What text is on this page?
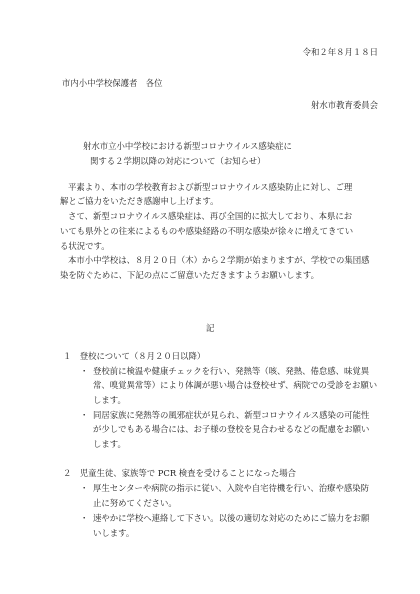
令和２年８月１８日
市内小中学校保護者　各位
射水市教育委員会
射水市立小中学校における新型コロナウイルス感染症に
関する２学期以降の対応について（お知らせ）
平素より、本市の学校教育および新型コロナウイルス感染防止に対し、ご理
解とご協力をいただき感謝申し上げます。
さて、新型コロナウイルス感染症は、再び全国的に拡大しており、本県にお
いても県外との往来によるものや感染経路の不明な感染が徐々に増えてきてい
る状況です。
本市小中学校は、８月２０日（木）から２学期が始まりますが、学校での集団感
染を防ぐために、下記の点にご留意いただきますようお願いします。
記
１　登校について（８月２０日以降）
・ 登校前に検温や健康チェックを行い、発熱等（咳、発熱、倦怠感、味覚異
常、嗅覚異常等）により体調が悪い場合は登校せず、病院での受診をお願い
します。
・ 同居家族に発熱等の風邪症状が見られ、新型コロナウイルス感染の可能性
が少しでもある場合には、お子様の登校を見合わせるなどの配慮をお願い
します。
２　児童生徒、家族等で PCR 検査を受けることになった場合
・ 厚生センターや病院の指示に従い、入院や自宅待機を行い、治療や感染防
止に努めてください。
・ 速やかに学校へ連絡して下さい。以後の適切な対応のためにご協力をお願
いします。
